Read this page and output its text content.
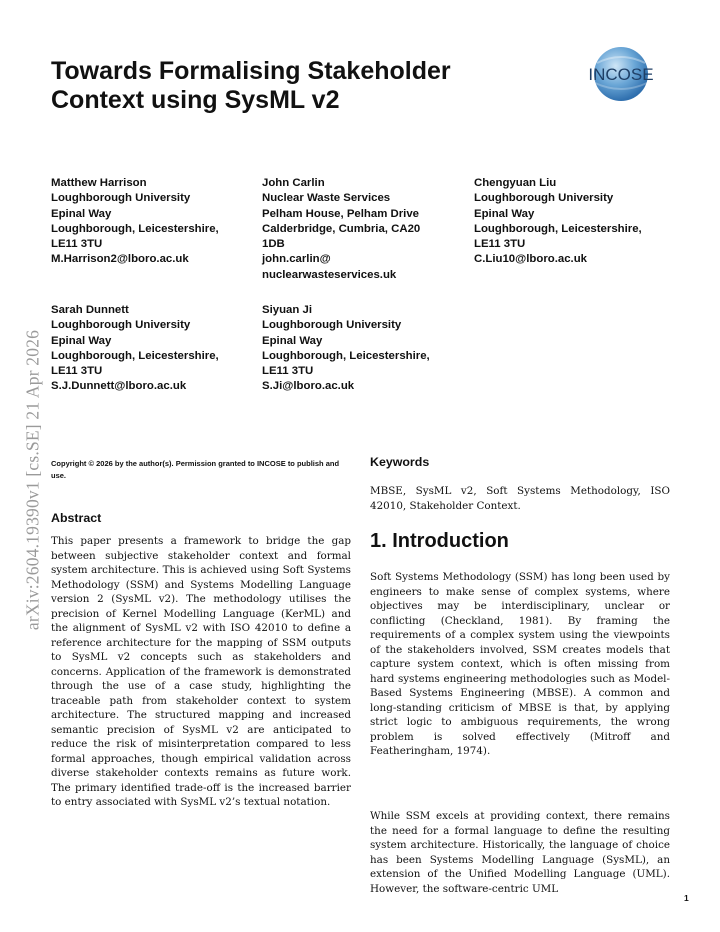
Towards Formalising Stakeholder Context using SysML v2
INCOSE
Matthew Harrison
Loughborough University
Epinal Way
Loughborough, Leicestershire,
LE11 3TU
M.Harrison2@lboro.ac.uk
John Carlin
Nuclear Waste Services
Pelham House, Pelham Drive
Calderbridge, Cumbria, CA20
1DB
john.carlin@
nuclearwasteservices.uk
Chengyuan Liu
Loughborough University
Epinal Way
Loughborough, Leicestershire,
LE11 3TU
C.Liu10@lboro.ac.uk
Sarah Dunnett
Loughborough University
Epinal Way
Loughborough, Leicestershire,
LE11 3TU
S.J.Dunnett@lboro.ac.uk
Siyuan Ji
Loughborough University
Epinal Way
Loughborough, Leicestershire,
LE11 3TU
S.Ji@lboro.ac.uk
arXiv:2604.19390v1 [cs.SE] 21 Apr 2026 Copyright © 2026 by the author(s). Permission granted to INCOSE to publish and use.
Abstract
This paper presents a framework to bridge the gap between subjective stakeholder context and formal system architecture. This is achieved using Soft Systems Methodology (SSM) and Systems Modelling Language version 2 (SysML v2). The methodology utilises the precision of Kernel Modelling Language (KerML) and the alignment of SysML v2 with ISO 42010 to define a reference architecture for the mapping of SSM outputs to SysML v2 concepts such as stakeholders and concerns. Application of the framework is demonstrated through the use of a case study, highlighting the traceable path from stakeholder context to system architecture. The structured mapping and increased semantic precision of SysML v2 are anticipated to reduce the risk of misinterpretation compared to less formal approaches, though empirical validation across diverse stakeholder contexts remains as future work. The primary identified trade-off is the increased barrier to entry associated with SysML v2’s textual notation.
Keywords
MBSE, SysML v2, Soft Systems Methodology, ISO 42010, Stakeholder Context.
1. Introduction
Soft Systems Methodology (SSM) has long been used by engineers to make sense of complex systems, where objectives may be interdisciplinary, unclear or conflicting (Checkland, 1981). By framing the requirements of a complex system using the viewpoints of the stakeholders involved, SSM creates models that capture system context, which is often missing from hard systems engineering methodologies such as Model-Based Systems Engineering (MBSE). A common and long-standing criticism of MBSE is that, by applying strict logic to ambiguous requirements, the wrong problem is solved effectively (Mitroff and Featheringham, 1974).
While SSM excels at providing context, there remains the need for a formal language to define the resulting system architecture. Historically, the language of choice has been Systems Modelling Language (SysML), an extension of the Unified Modelling Language (UML). However, the software-centric UML
1
